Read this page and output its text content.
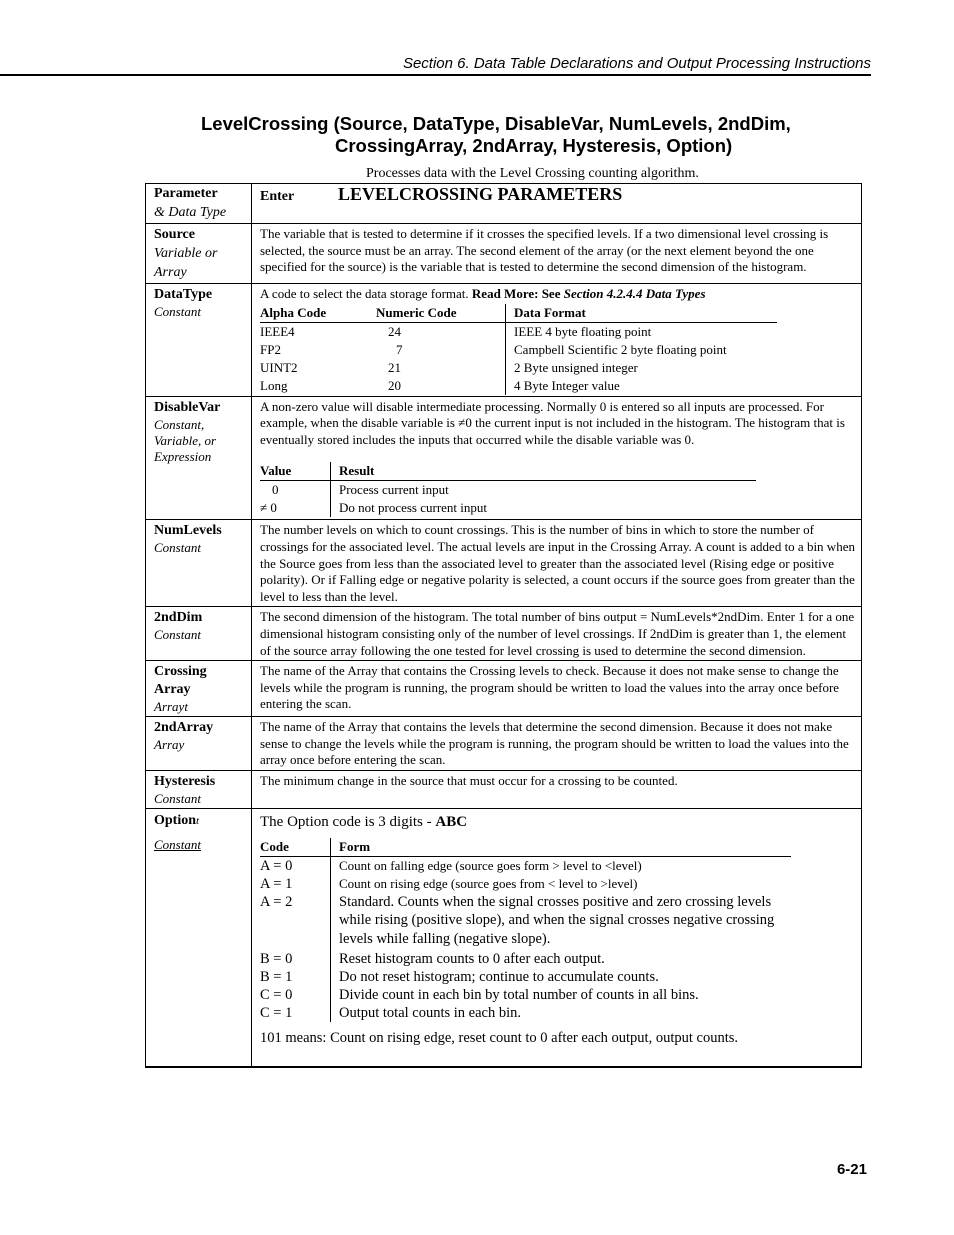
Section 6. Data Table Declarations and Output Processing Instructions
LevelCrossing (Source, DataType, DisableVar, NumLevels, 2ndDim,
CrossingArray, 2ndArray, Hysteresis, Option)
Processes data with the Level Crossing counting algorithm.
Parameter
& Data Type
	Enter LEVELCROSSING PARAMETERS

Source
Variable or Array

The variable that is tested to determine if it crosses the specified levels. If a two dimensional level crossing is selected, the source must be an array. The second element of the array (or the next element beyond the one specified for the source) is the variable that is tested to determine the second dimension of the histogram.

DataType
Constant

A code to select the data storage format. Read More: See Section 4.2.4.4 Data Types
Alpha Code	Numeric Code	Data Format
IEEE4	24	IEEE 4 byte floating point
FP2	7	Campbell Scientific 2 byte floating point
UINT2	21	2 Byte unsigned integer
Long	20	4 Byte Integer value

DisableVar
Constant, Variable, or Expression

A non-zero value will disable intermediate processing. Normally 0 is entered so all inputs are processed. For example, when the disable variable is ≠0 the current input is not included in the histogram. The histogram that is eventually stored includes the inputs that occurred while the disable variable was 0.
Value	Result
0	Process current input
≠ 0	Do not process current input

NumLevels
Constant

The number levels on which to count crossings. This is the number of bins in which to store the number of crossings for the associated level. The actual levels are input in the Crossing Array. A count is added to a bin when the Source goes from less than the associated level to greater than the associated level (Rising edge or positive polarity). Or if Falling edge or negative polarity is selected, a count occurs if the source goes from greater than the level to less than the level.

2ndDim
Constant

The second dimension of the histogram. The total number of bins output = NumLevels*2ndDim. Enter 1 for a one dimensional histogram consisting only of the number of level crossings. If 2ndDim is greater than 1, the element of the source array following the one tested for level crossing is used to determine the second dimension.

Crossing
Array
Arrayt

The name of the Array that contains the Crossing levels to check. Because it does not make sense to change the levels while the program is running, the program should be written to load the values into the array once before entering the scan.

2ndArray
Array

The name of the Array that contains the levels that determine the second dimension. Because it does not make sense to change the levels while the program is running, the program should be written to load the values into the array once before entering the scan.

Hysteresis
Constant

The minimum change in the source that must occur for a crossing to be counted.

Optiont
Constant

The Option code is 3 digits - ABC
Code	Form
A = 0	Count on falling edge (source goes form > level to <level)
A = 1	Count on rising edge (source goes from < level to >level)
A = 2	Standard. Counts when the signal crosses positive and zero crossing levels while rising (positive slope), and when the signal crosses negative crossing levels while falling (negative slope).
B = 0	Reset histogram counts to 0 after each output.
B = 1	Do not reset histogram; continue to accumulate counts.
C = 0	Divide count in each bin by total number of counts in all bins.
C = 1	Output total counts in each bin.
101 means: Count on rising edge, reset count to 0 after each output, output counts.
6-21
